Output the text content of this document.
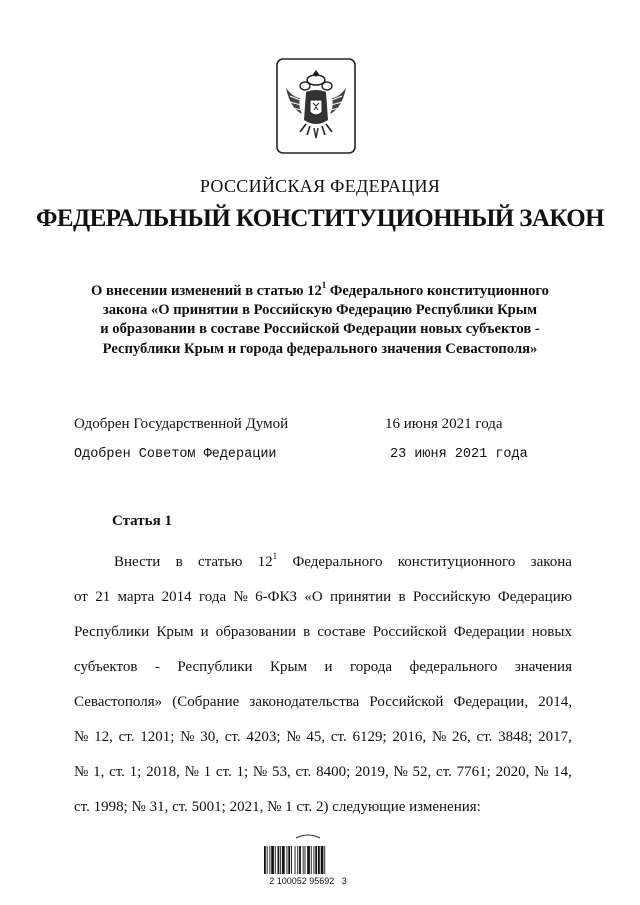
РОССИЙСКАЯ ФЕДЕРАЦИЯ
ФЕДЕРАЛЬНЫЙ КОНСТИТУЦИОННЫЙ ЗАКОН
О внесении изменений в статью $12^1$ Федерального конституционного
закона «О принятии в Российскую Федерацию Республики Крым
и образовании в составе Российской Федерации новых субъектов -
Республики Крым и города федерального значения Севастополя»
Одобрен Государственной Думой	16 июня 2021 года
Одобрен Советом Федерации	23 июня 2021 года
Статья 1
Внести в статью $12^1$ Федерального конституционного закона
от 21 марта 2014 года № 6-ФКЗ «О принятии в Российскую Федерацию
Республики Крым и образовании в составе Российской Федерации новых
субъектов - Республики Крым и города федерального значения
Севастополя» (Собрание законодательства Российской Федерации, 2014,
№ 12, ст. 1201; № 30, ст. 4203; № 45, ст. 6129; 2016, № 26, ст. 3848; 2017,
№ 1, ст. 1; 2018, № 1 ст. 1; № 53, ст. 8400; 2019, № 52, ст. 7761; 2020, № 14,
ст. 1998; № 31, ст. 5001; 2021, № 1 ст. 2) следующие изменения:
2 100052 95692   3
